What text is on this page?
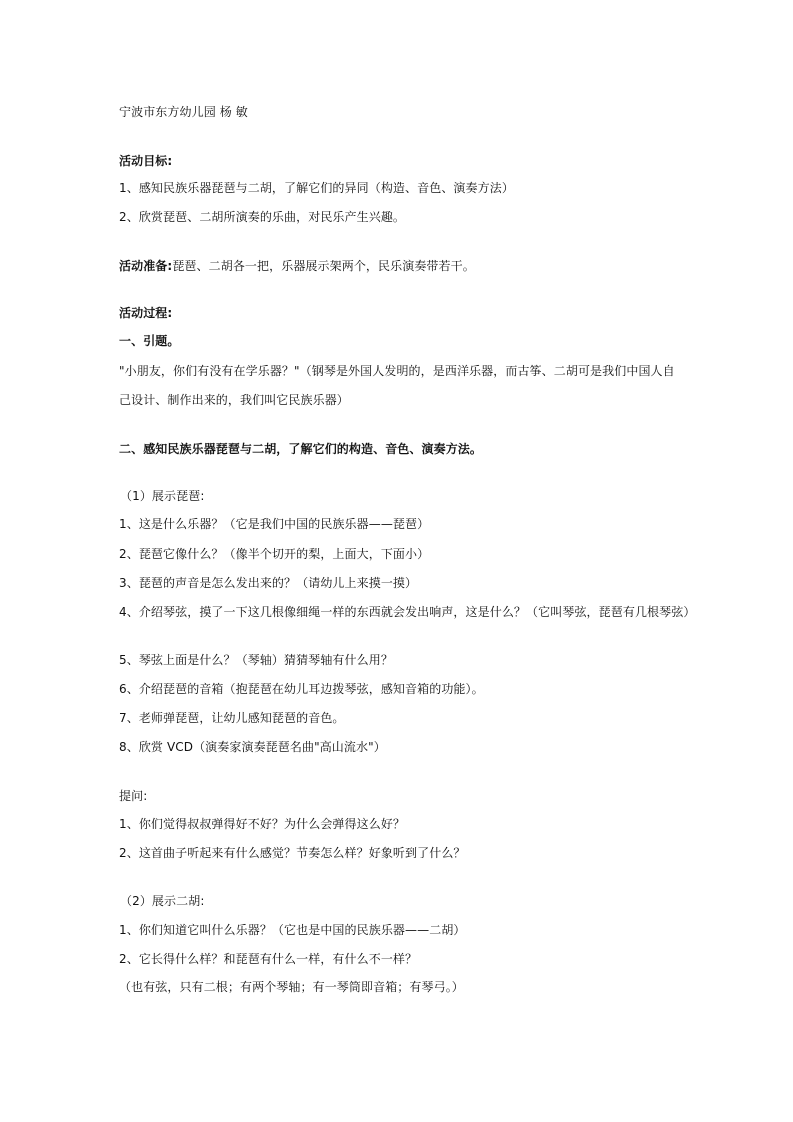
宁波市东方幼儿园 杨 敏
活动目标:
1、感知民族乐器琵琶与二胡，了解它们的异同（构造、音色、演奏方法）
2、欣赏琵琶、二胡所演奏的乐曲，对民乐产生兴趣。
活动准备:琵琶、二胡各一把，乐器展示架两个，民乐演奏带若干。
活动过程:
一、引题。
"小朋友，你们有没有在学乐器？"（钢琴是外国人发明的，是西洋乐器，而古筝、二胡可是我们中国人自
己设计、制作出来的，我们叫它民族乐器）
二、感知民族乐器琵琶与二胡，了解它们的构造、音色、演奏方法。
（1）展示琵琶:
1、这是什么乐器？（它是我们中国的民族乐器——琵琶）
2、琵琶它像什么？（像半个切开的梨，上面大，下面小）
3、琵琶的声音是怎么发出来的？（请幼儿上来摸一摸）
4、介绍琴弦，摸了一下这几根像细绳一样的东西就会发出响声，这是什么？（它叫琴弦，琵琶有几根琴弦）
5、琴弦上面是什么？（琴轴）猜猜琴轴有什么用？
6、介绍琵琶的音箱（抱琵琶在幼儿耳边拨琴弦，感知音箱的功能）。
7、老师弹琵琶，让幼儿感知琵琶的音色。
8、欣赏 VCD（演奏家演奏琵琶名曲"高山流水"）
提问:
1、你们觉得叔叔弹得好不好？为什么会弹得这么好？
2、这首曲子听起来有什么感觉？节奏怎么样？好象听到了什么？
（2）展示二胡:
1、你们知道它叫什么乐器？（它也是中国的民族乐器——二胡）
2、它长得什么样？和琵琶有什么一样，有什么不一样？
（也有弦，只有二根；有两个琴轴；有一琴筒即音箱；有琴弓。）
